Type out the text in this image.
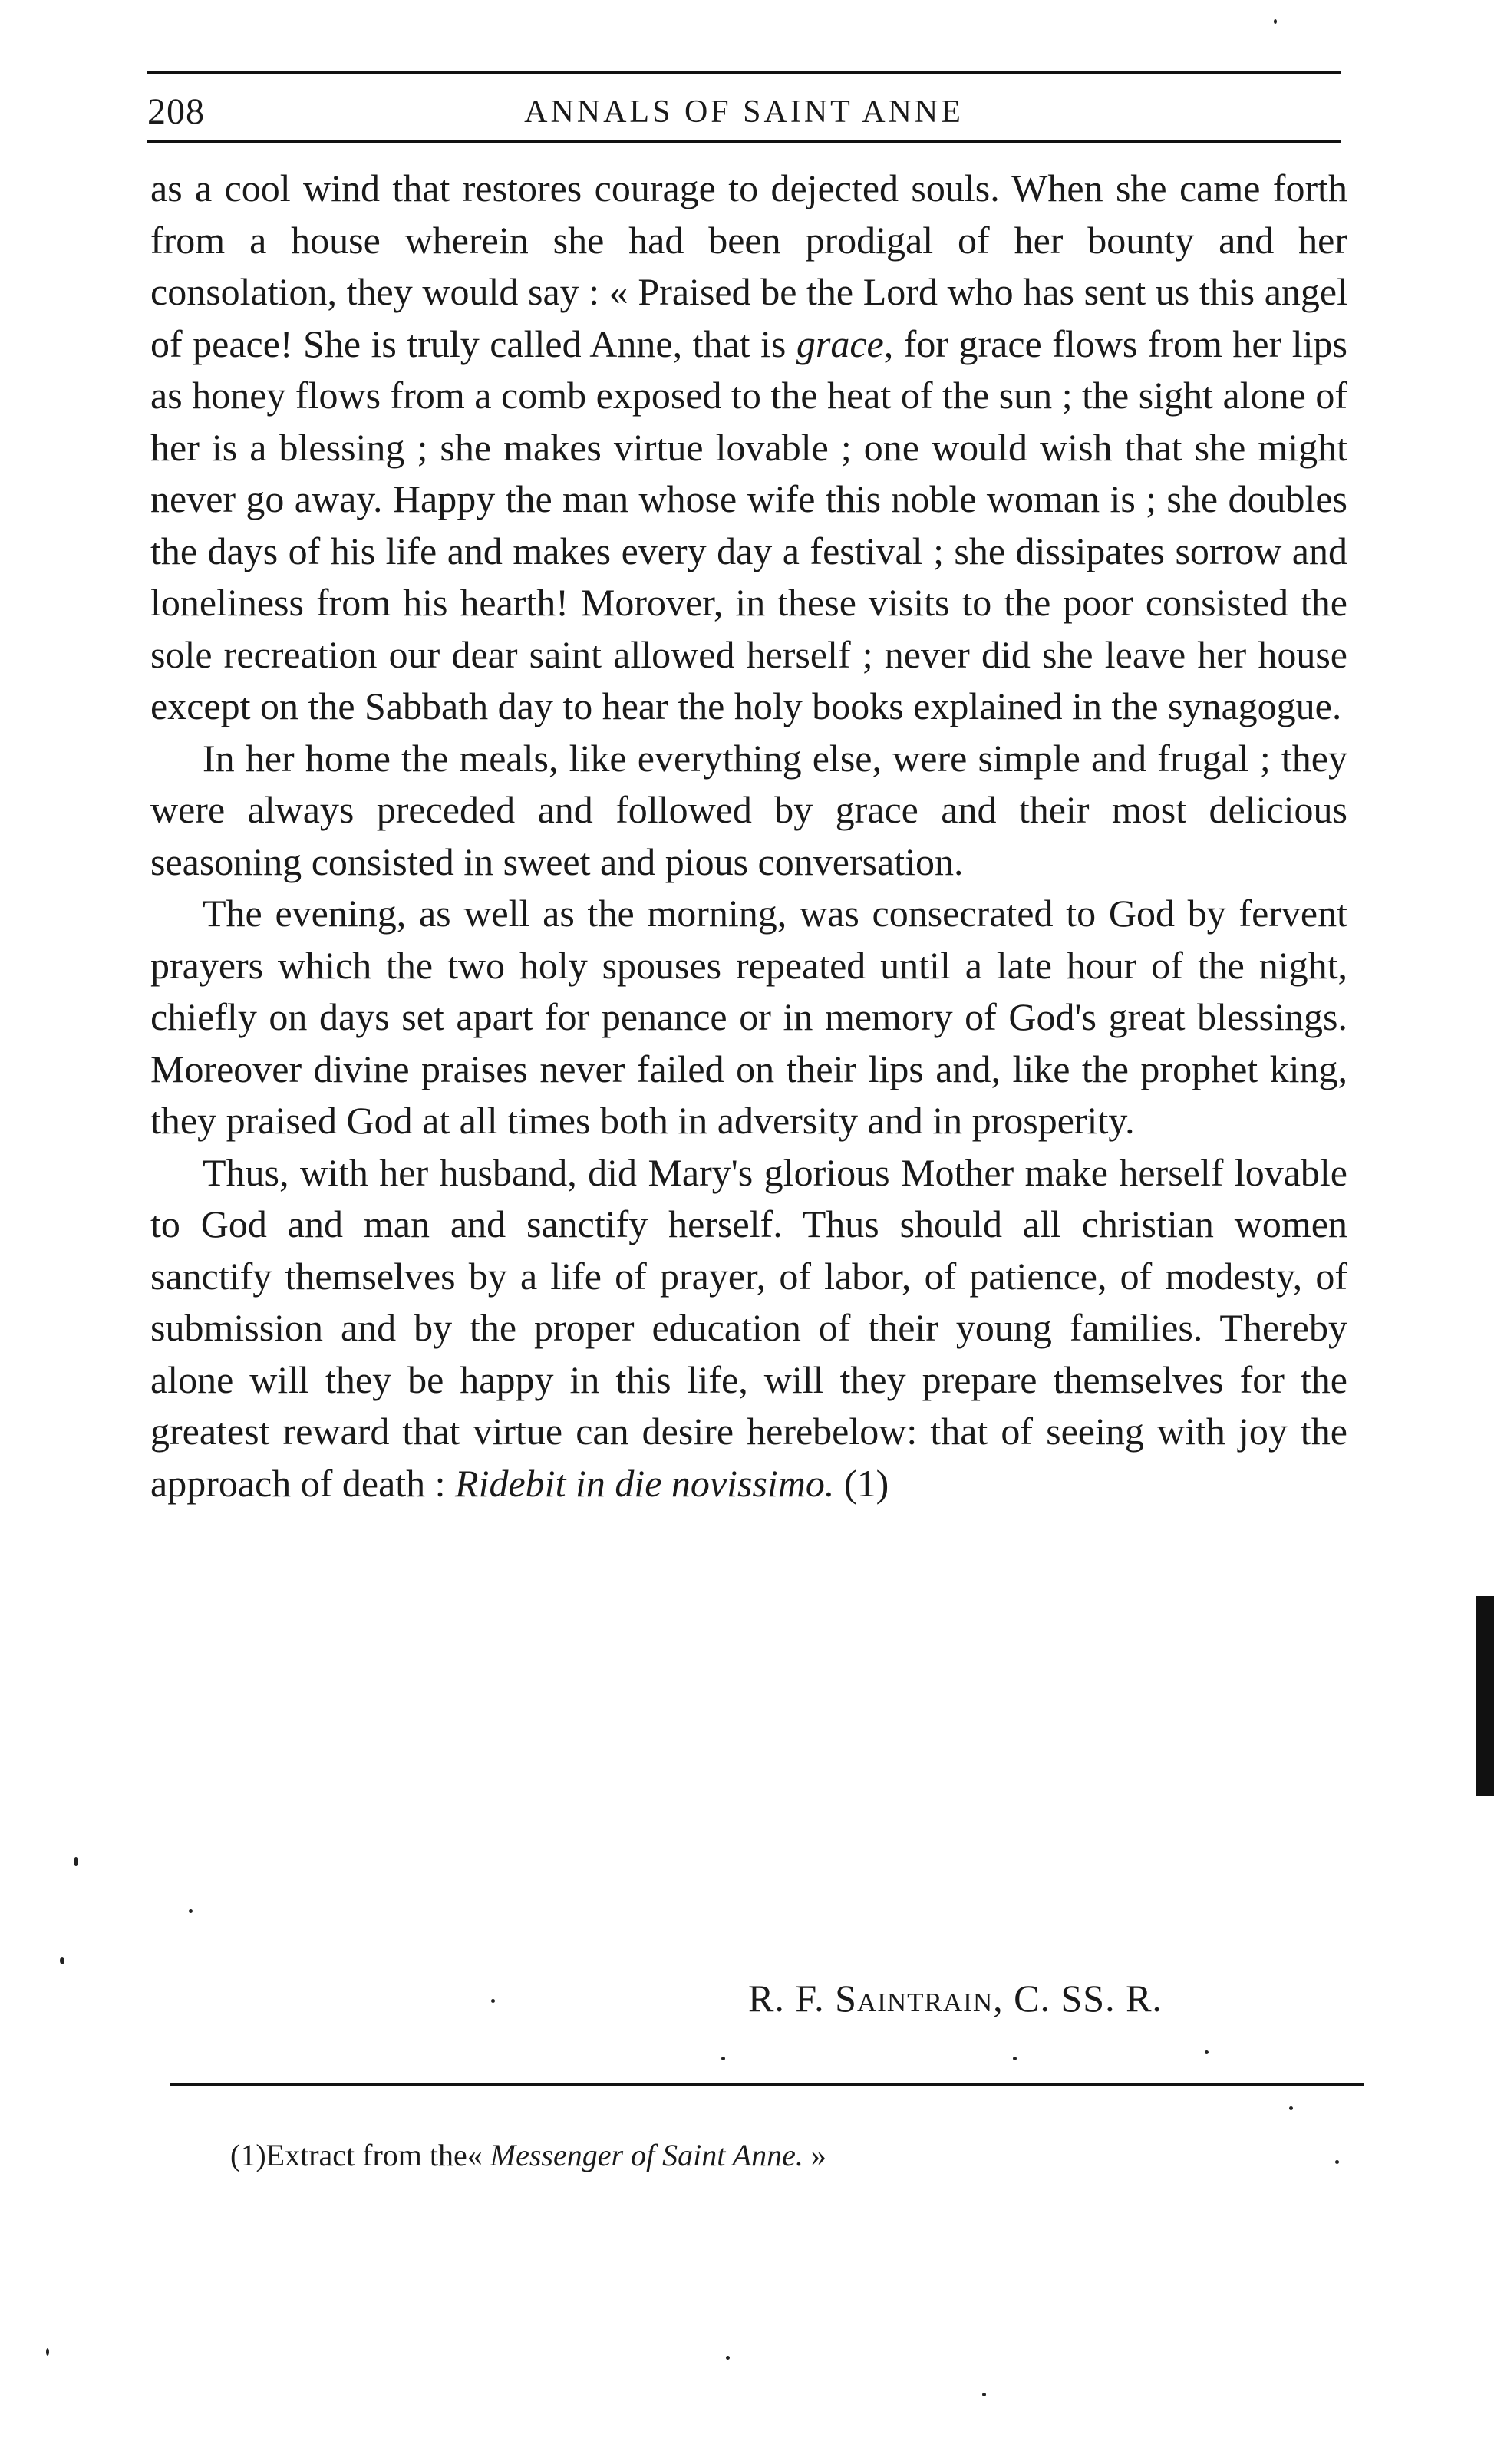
208	ANNALS OF SAINT ANNE

as a cool wind that restores courage to dejected souls. When she came forth from a house wherein she had been prodigal of her bounty and her consolation, they would say : « Praised be the Lord who has sent us this angel of peace! She is truly called Anne, that is grace, for grace flows from her lips as honey flows from a comb exposed to the heat of the sun ; the sight alone of her is a blessing ; she makes virtue lovable ; one would wish that she might never go away. Happy the man whose wife this noble woman is ; she doubles the days of his life and makes every day a festival ; she dissipates sorrow and loneliness from his hearth! Morover, in these visits to the poor consisted the sole recreation our dear saint allowed herself ; never did she leave her house except on the Sabbath day to hear the holy books explained in the synagogue.

In her home the meals, like everything else, were simple and frugal ; they were always preceded and followed by grace and their most delicious seasoning consisted in sweet and pious conversation.

The evening, as well as the morning, was consecrated to God by fervent prayers which the two holy spouses repeated until a late hour of the night, chiefly on days set apart for penance or in memory of God's great blessings. Moreover divine praises never failed on their lips and, like the prophet king, they praised God at all times both in adversity and in prosperity.

Thus, with her husband, did Mary's glorious Mother make herself lovable to God and man and sanctify herself. Thus should all christian women sanctify themselves by a life of prayer, of labor, of patience, of modesty, of submission and by the proper education of their young families. Thereby alone will they be happy in this life, will they prepare themselves for the greatest reward that virtue can desire herebelow: that of seeing with joy the approach of death : Ridebit in die novissimo. (1)

R. F. Saintrain, C. SS. R.
(1)Extract from the« Messenger of Saint Anne. »
